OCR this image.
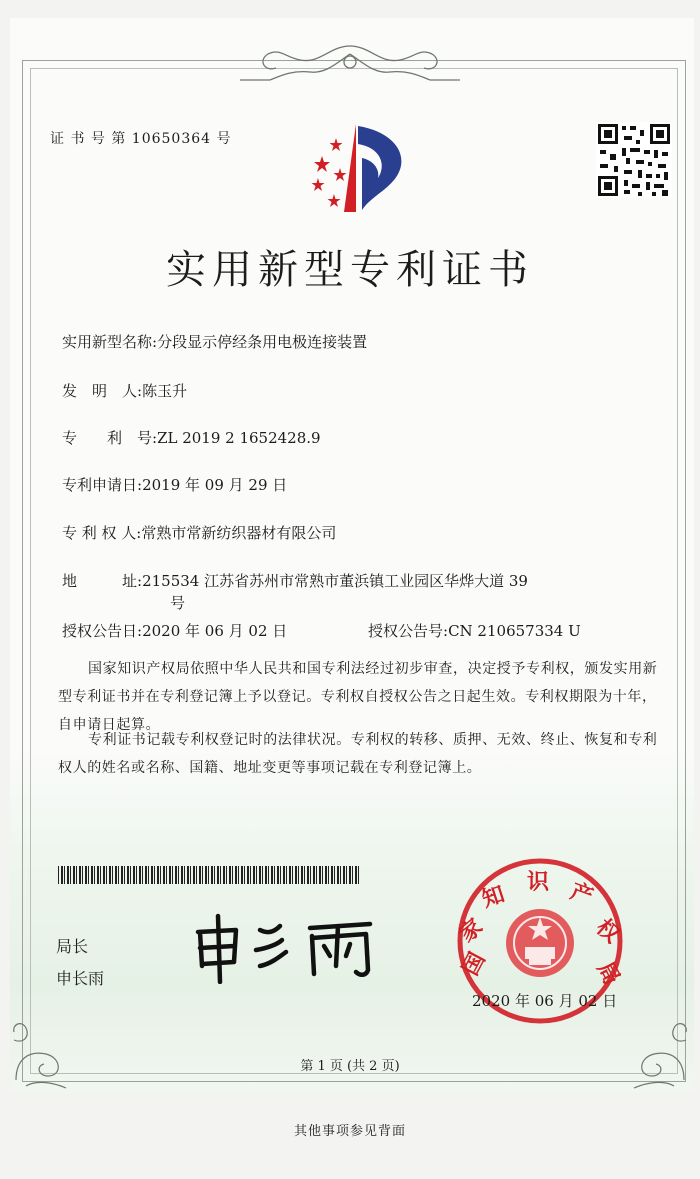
证 书 号 第 10650364 号
实用新型专利证书
实用新型名称:分段显示停经条用电极连接装置
发　明　人:陈玉升
专　　利　号:ZL 2019 2 1652428.9
专利申请日:2019 年 09 月 29 日
专 利 权 人:常熟市常新纺织器材有限公司
地　　　址:215534 江苏省苏州市常熟市董浜镇工业园区华烨大道 39
号
授权公告日:2020 年 06 月 02 日	授权公告号:CN 210657334 U
国家知识产权局依照中华人民共和国专利法经过初步审查，决定授予专利权，颁发实用新型专利证书并在专利登记簿上予以登记。专利权自授权公告之日起生效。专利权期限为十年，自申请日起算。
专利证书记载专利权登记时的法律状况。专利权的转移、质押、无效、终止、恢复和专利权人的姓名或名称、国籍、地址变更等事项记载在专利登记簿上。
局长
申长雨	国
家
知 识 产
权
局
2020 年 06 月 02 日
第 1 页 (共 2 页)
其他事项参见背面
